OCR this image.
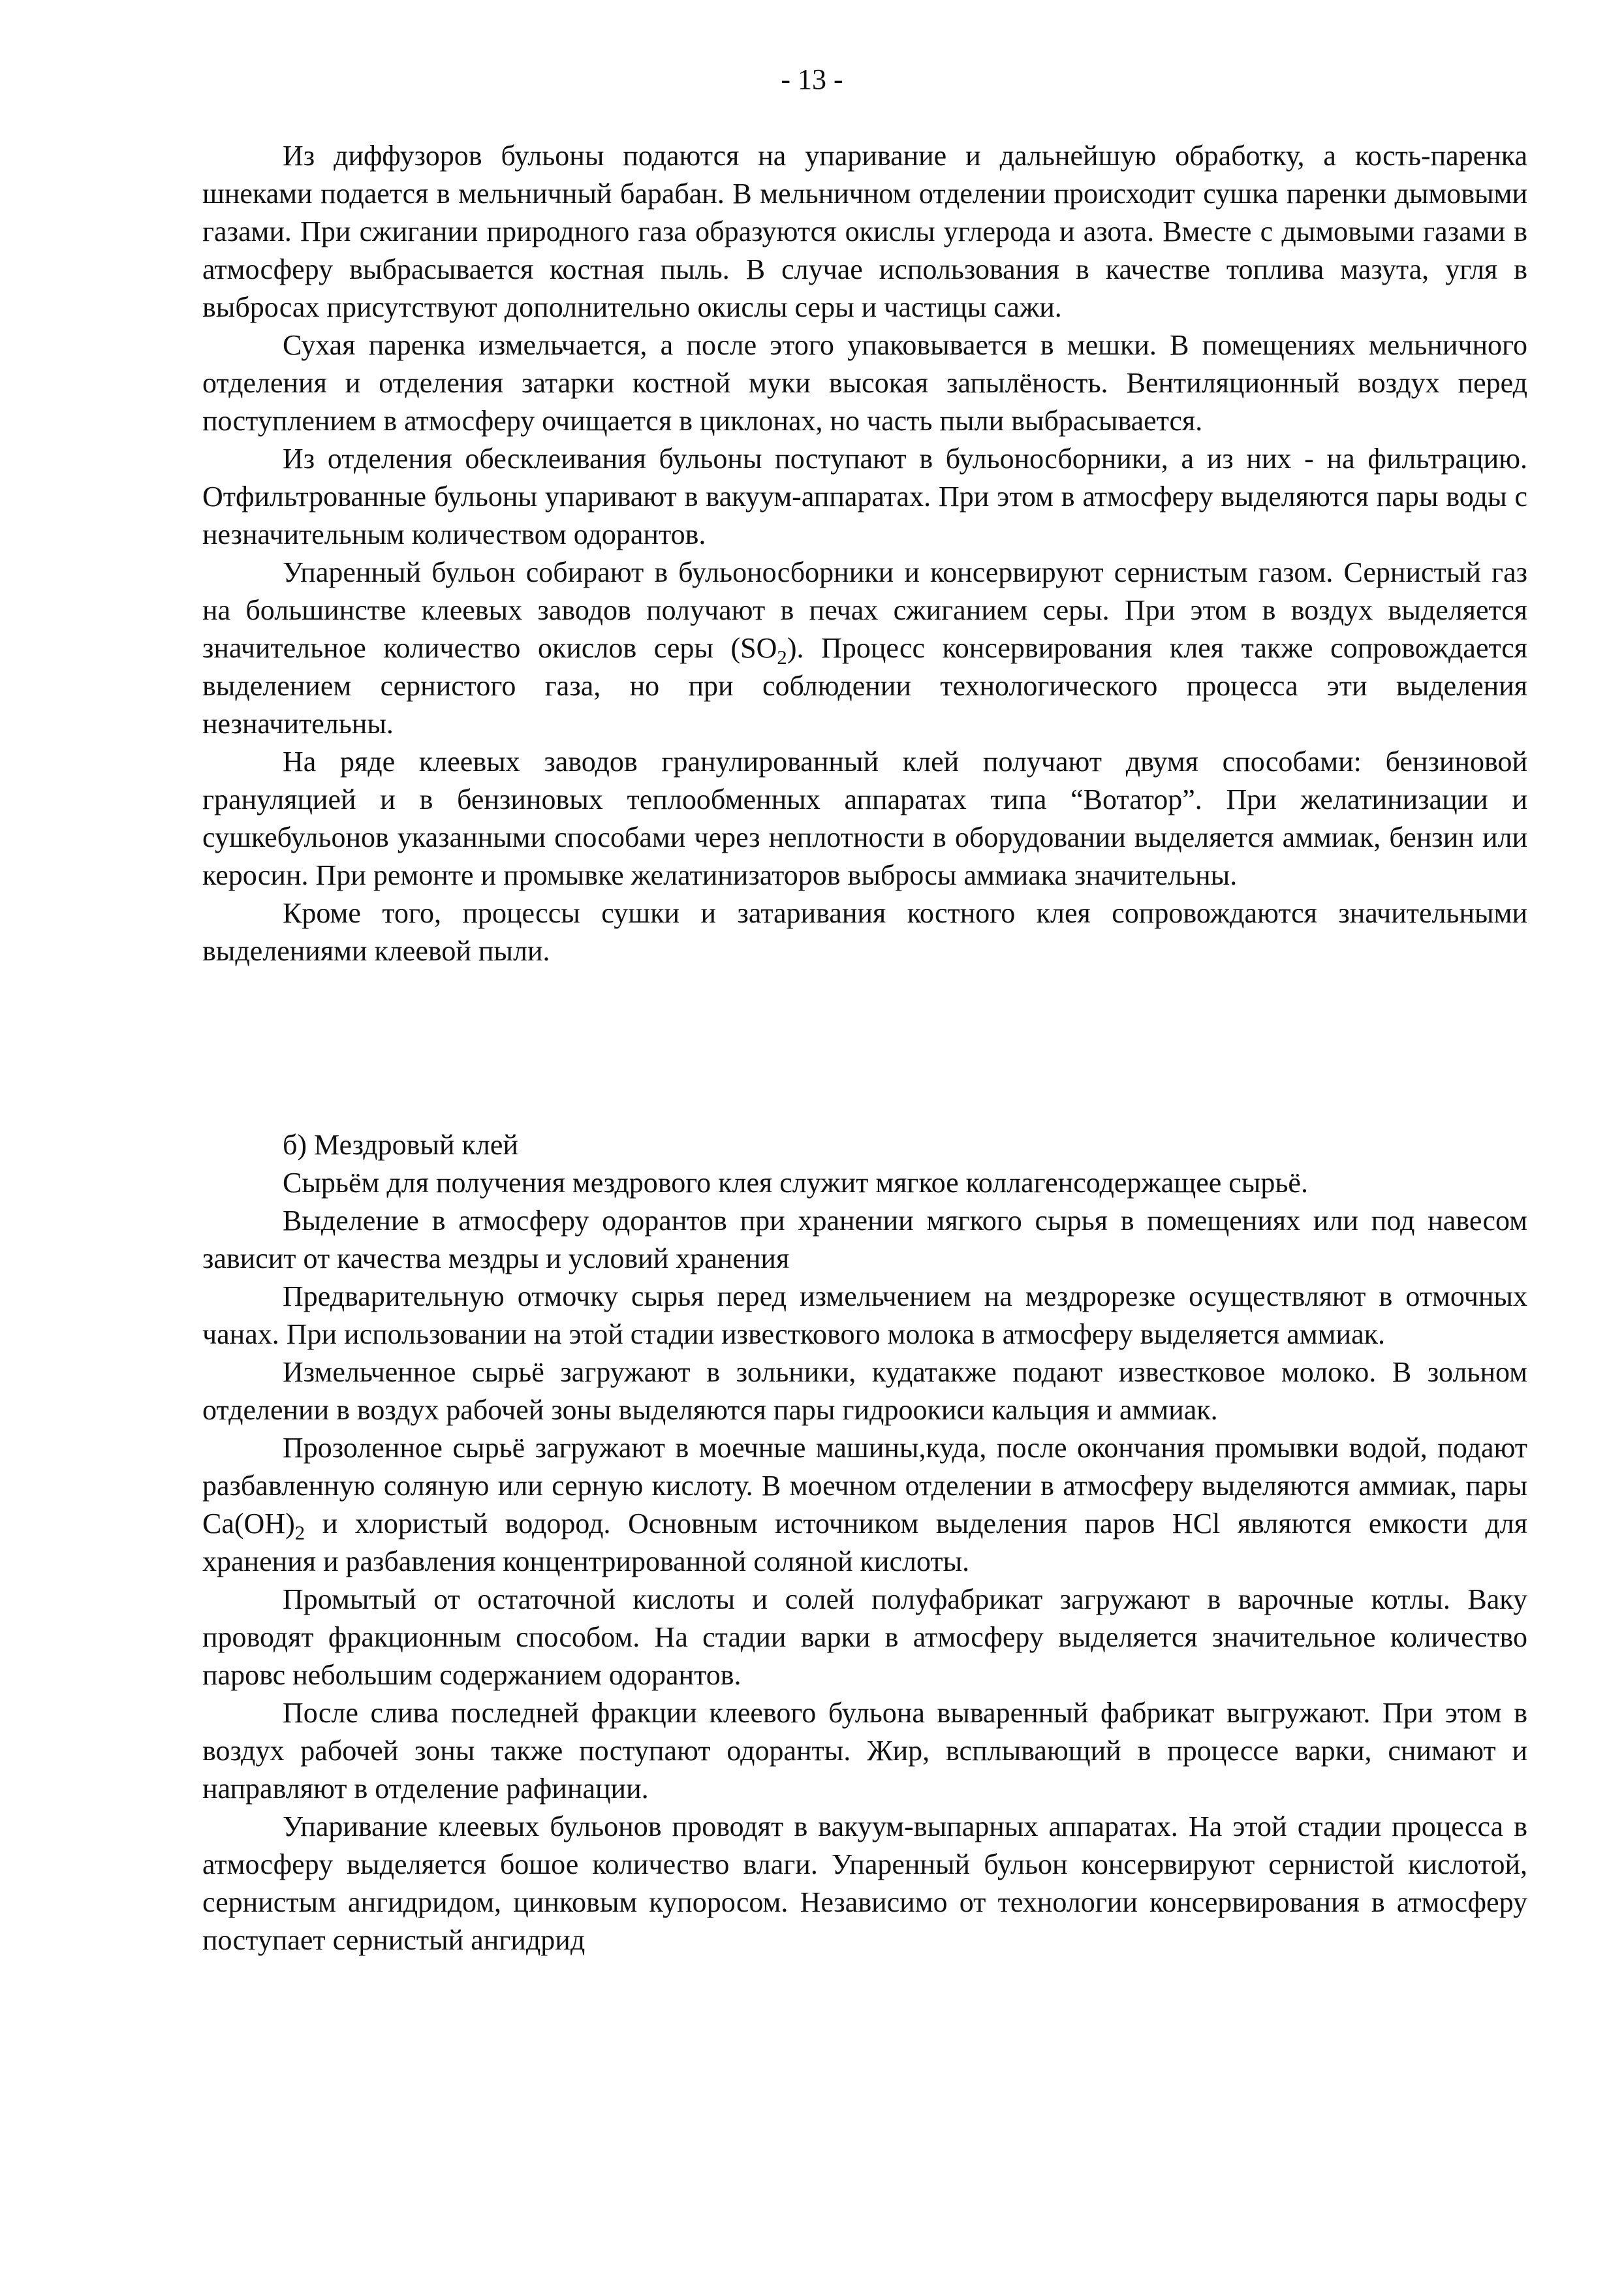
- 13 -

Из диффузоров бульоны подаются на упаривание и дальнейшую обработку, а кость-паренка шнеками подается в мельничный барабан. В мельничном отделении происходит сушка паренки дымовыми газами. При сжигании природного газа образуются окислы углерода и азота. Вместе с дымовыми газами в атмосферу выбрасывается костная пыль. В случае использования в качестве топлива мазута, угля в выбросах присутствуют дополнительно окислы серы и частицы сажи.

Сухая паренка измельчается, а после этого упаковывается в мешки. В помещениях мельничного отделения и отделения затарки костной муки высокая запылёность. Вентиляционный воздух перед поступлением в атмосферу очищается в циклонах, но часть пыли выбрасывается.

Из отделения обесклеивания бульоны поступают в бульоносборники, а из них - на фильтрацию. Отфильтрованные бульоны упаривают в вакуум-аппаратах. При этом в атмосферу выделяются пары воды с незначительным количеством одорантов.

Упаренный бульон собирают в бульоносборники и консервируют сернистым газом. Сернистый газ на большинстве клеевых заводов получают в печах сжиганием серы. При этом в воздух выделяется значительное количество окислов серы $(SO_2)$. Процесс консервирования клея также сопровождается выделением сернистого газа, но при соблюдении технологического процесса эти выделения незначительны.

На ряде клеевых заводов гранулированный клей получают двумя способами: бензиновой грануляцией и в бензиновых теплообменных аппаратах типа “Вотатор”. При желатинизации и сушкебульонов указанными способами через неплотности в оборудовании выделяется аммиак, бензин или керосин. При ремонте и промывке желатинизаторов выбросы аммиака значительны.

Кроме того, процессы сушки и затаривания костного клея сопровождаются значительными выделениями клеевой пыли.

б) Мездровый клей

Сырьём для получения мездрового клея служит мягкое коллагенсодержащее сырьё.

Выделение в атмосферу одорантов при хранении мягкого сырья в помещениях или под навесом зависит от качества мездры и условий хранения

Предварительную отмочку сырья перед измельчением на мездрорезке осуществляют в отмочных чанах. При использовании на этой стадии известкового молока в атмосферу выделяется аммиак.

Измельченное сырьё загружают в зольники, кудатакже подают известковое молоко. В зольном отделении в воздух рабочей зоны выделяются пары гидроокиси кальция и аммиак.

Прозоленное сырьё загружают в моечные машины,куда, после окончания промывки водой, подают разбавленную соляную или серную кислоту. В моечном отделении в атмосферу выделяются аммиак, пары $Ca(OH)_2$ и хлористый водород. Основным источником выделения паров HCl являются емкости для хранения и разбавления концентрированной соляной кислоты.

Промытый от остаточной кислоты и солей полуфабрикат загружают в варочные котлы. Ваку проводят фракционным способом. На стадии варки в атмосферу выделяется значительное количество паровс небольшим содержанием одорантов.

После слива последней фракции клеевого бульона вываренный фабрикат выгружают. При этом в воздух рабочей зоны также поступают одоранты. Жир, всплывающий в процессе варки, снимают и направляют в отделение рафинации.

Упаривание клеевых бульонов проводят в вакуум-выпарных аппаратах. На этой стадии процесса в атмосферу выделяется бошое количество влаги. Упаренный бульон консервируют сернистой кислотой, сернистым ангидридом, цинковым купоросом. Независимо от технологии консервирования в атмосферу поступает сернистый ангидрид
